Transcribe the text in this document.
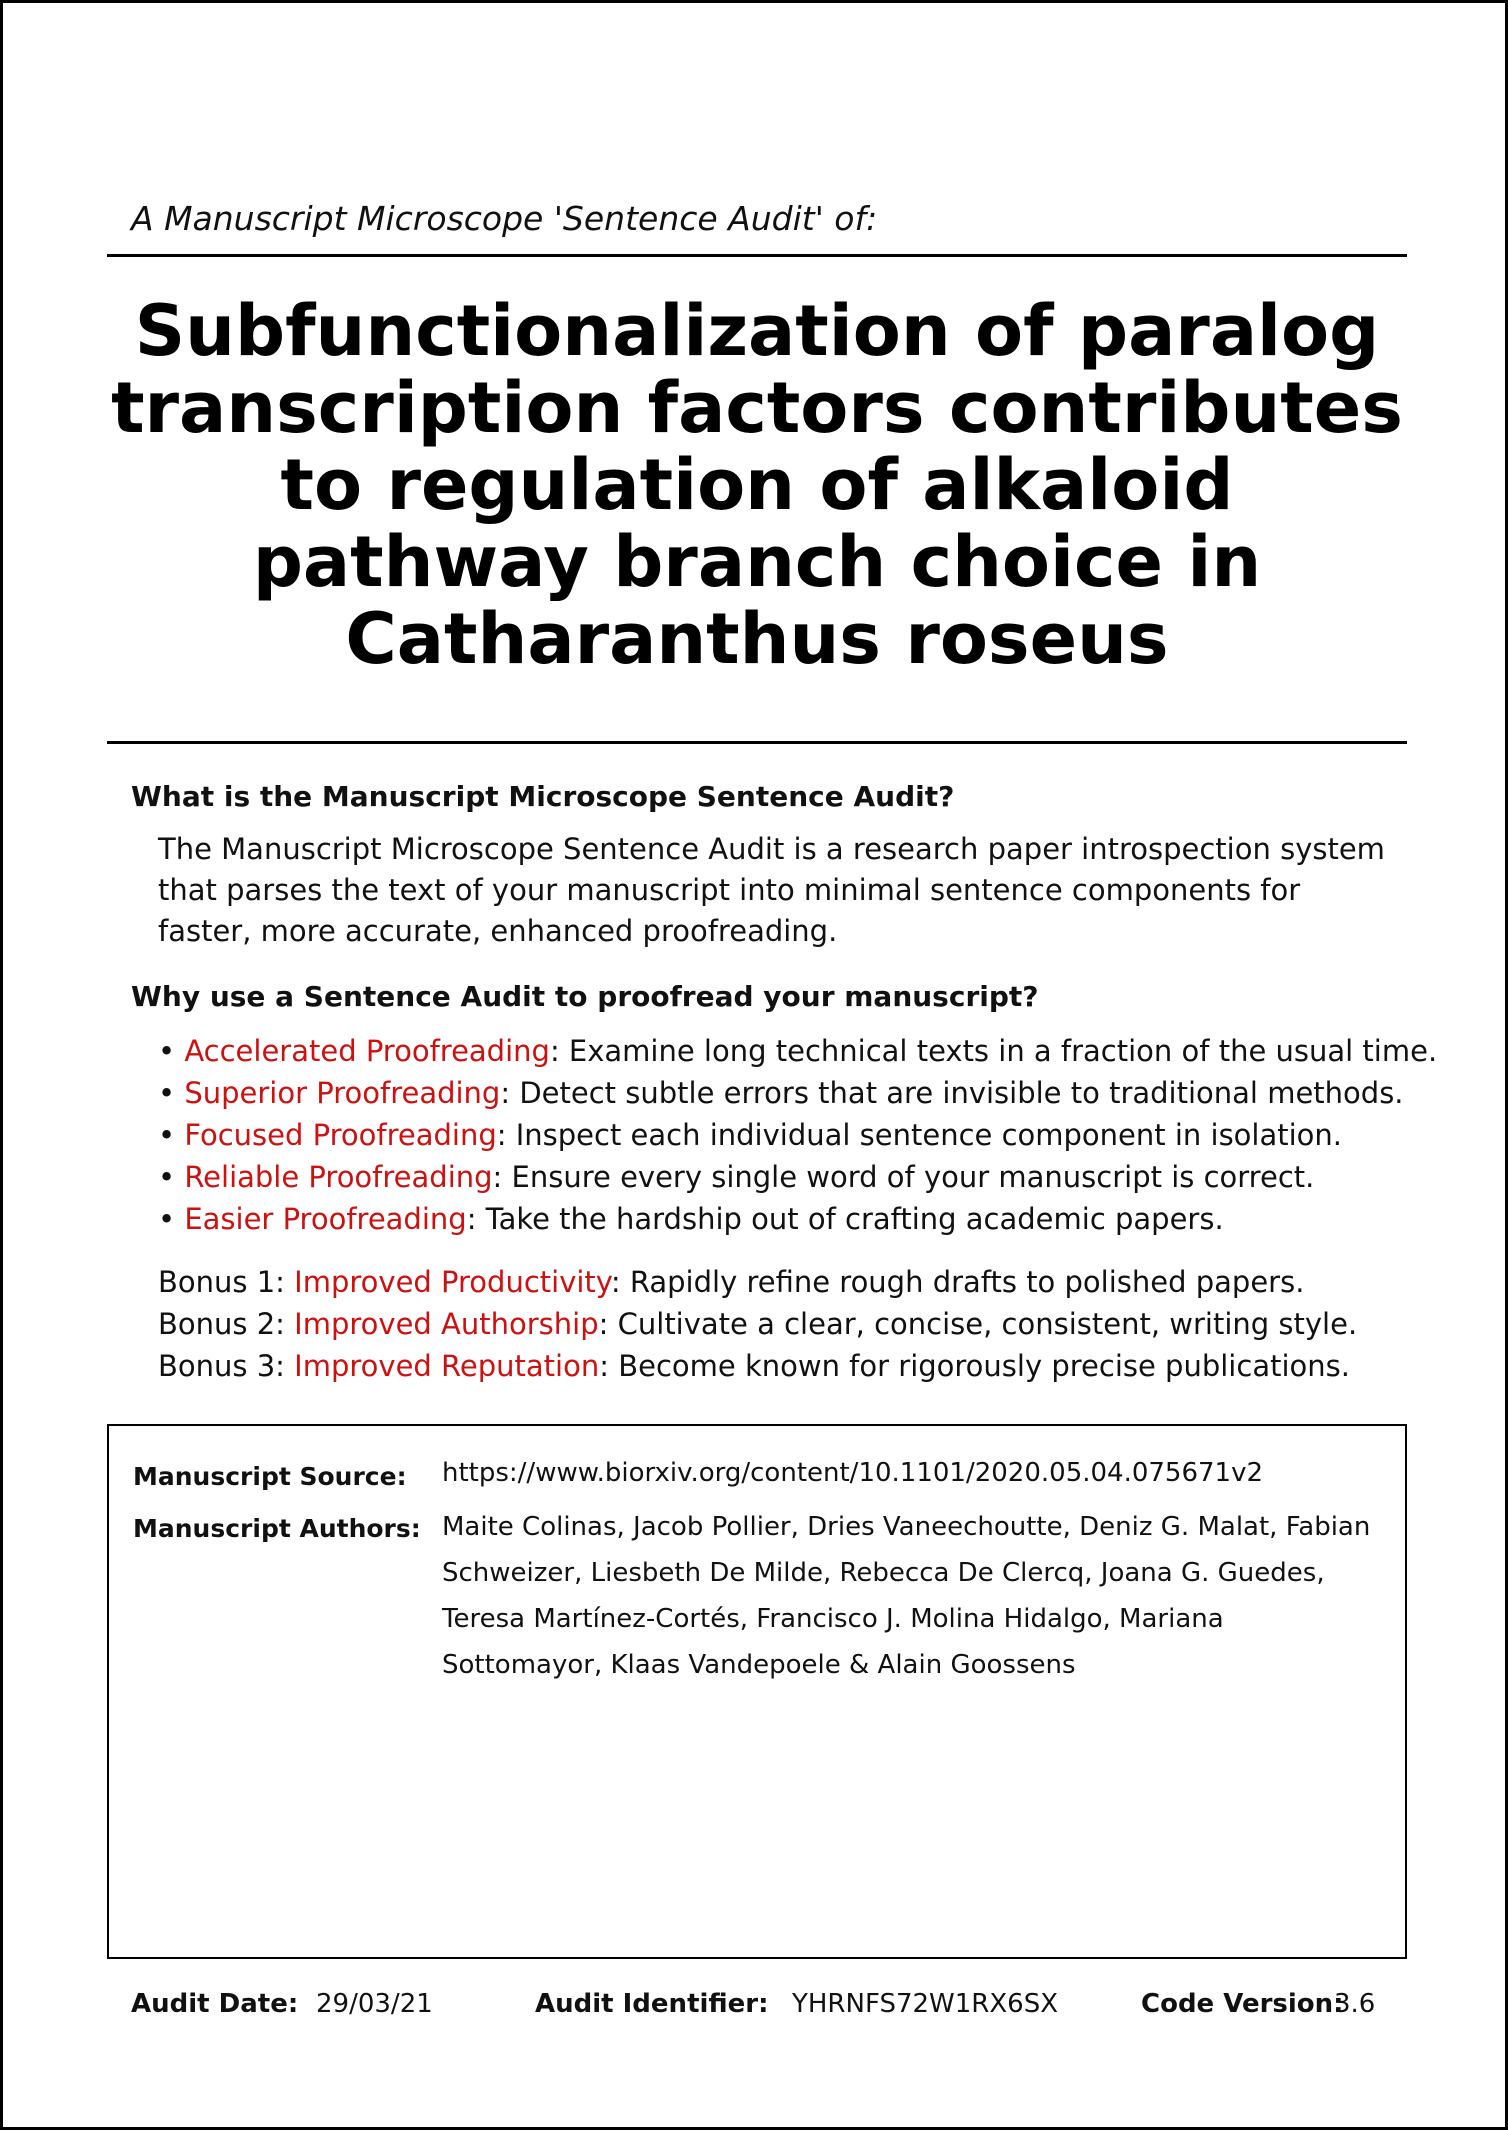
A Manuscript Microscope 'Sentence Audit' of:

Subfunctionalization of paralog transcription factors contributes to regulation of alkaloid pathway branch choice in Catharanthus roseus
What is the Manuscript Microscope Sentence Audit?

The Manuscript Microscope Sentence Audit is a research paper introspection system that parses the text of your manuscript into minimal sentence components for faster, more accurate, enhanced proofreading.

Why use a Sentence Audit to proofread your manuscript?
• Accelerated Proofreading: Examine long technical texts in a fraction of the usual time.
• Superior Proofreading: Detect subtle errors that are invisible to traditional methods.
• Focused Proofreading: Inspect each individual sentence component in isolation.
• Reliable Proofreading: Ensure every single word of your manuscript is correct.
• Easier Proofreading: Take the hardship out of crafting academic papers.
Bonus 1: Improved Productivity: Rapidly refine rough drafts to polished papers.
Bonus 2: Improved Authorship: Cultivate a clear, concise, consistent, writing style.
Bonus 3: Improved Reputation: Become known for rigorously precise publications.
Manuscript Source: https://www.biorxiv.org/content/10.1101/2020.05.04.075671v2
Manuscript Authors: Maite Colinas, Jacob Pollier, Dries Vaneechoutte, Deniz G. Malat, Fabian Schweizer, Liesbeth De Milde, Rebecca De Clercq, Joana G. Guedes, Teresa Martínez-Cortés, Francisco J. Molina Hidalgo, Mariana Sottomayor, Klaas Vandepoele & Alain Goossens
Audit Date: 29/03/21	Audit Identifier: YHRNFS72W1RX6SX	Code Version:
3.6
